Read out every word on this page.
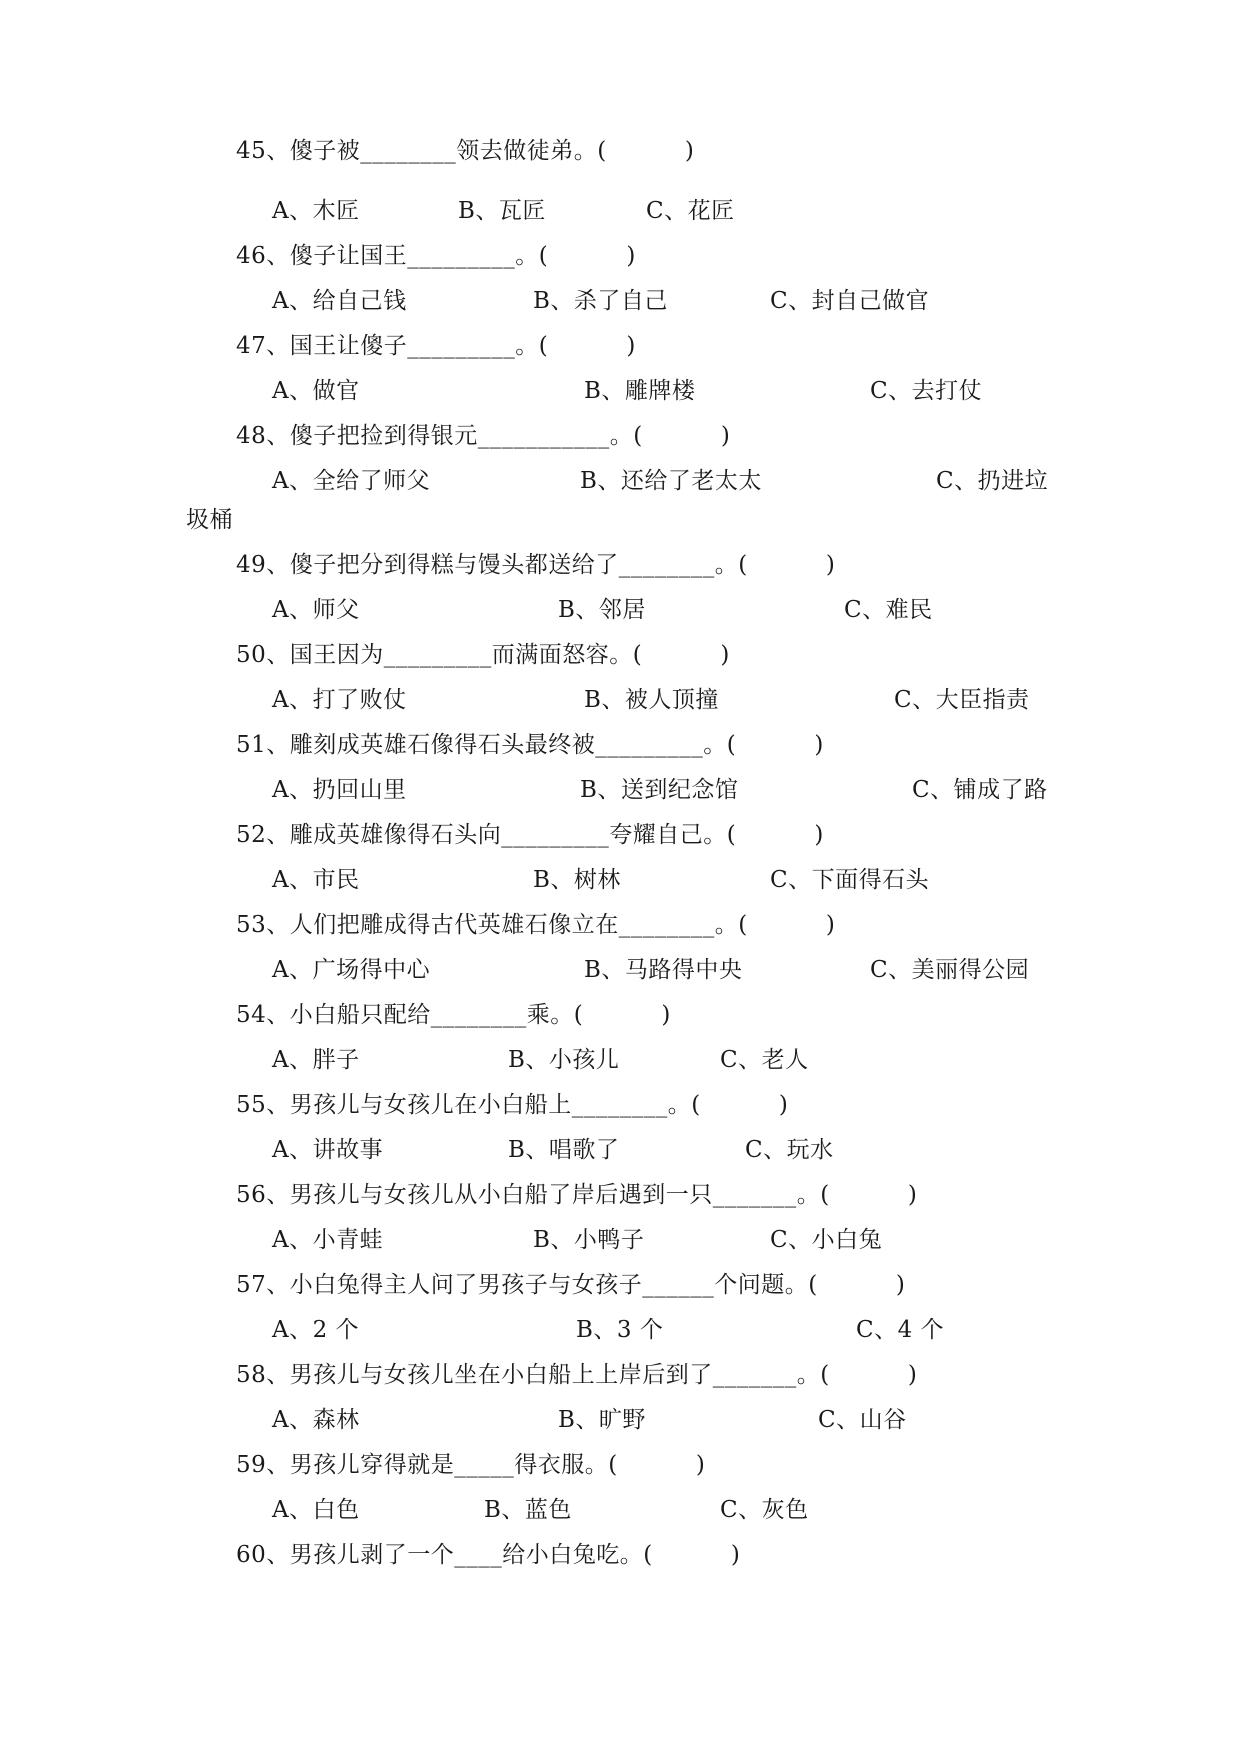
45、傻子被________领去做徒弟。(          )
A、木匠	B、瓦匠	C、花匠
46、傻子让国王_________。(          )
A、给自己钱	B、杀了自己	C、封自己做官
47、国王让傻子_________。(          )
A、做官	B、雕牌楼	C、去打仗
48、傻子把捡到得银元___________。(          )
A、全给了师父	B、还给了老太太	C、扔进垃
圾桶
49、傻子把分到得糕与馒头都送给了________。(          )
A、师父	B、邻居	C、难民
50、国王因为_________而满面怒容。(          )
A、打了败仗	B、被人顶撞	C、大臣指责
51、雕刻成英雄石像得石头最终被_________。(          )
A、扔回山里	B、送到纪念馆	C、铺成了路
52、雕成英雄像得石头向_________夸耀自己。(          )
A、市民	B、树林	C、下面得石头
53、人们把雕成得古代英雄石像立在________。(          )
A、广场得中心	B、马路得中央	C、美丽得公园
54、小白船只配给________乘。(          )
A、胖子	B、小孩儿	C、老人
55、男孩儿与女孩儿在小白船上________。(          )
A、讲故事	B、唱歌了	C、玩水
56、男孩儿与女孩儿从小白船了岸后遇到一只_______。(          )
A、小青蛙	B、小鸭子	C、小白兔
57、小白兔得主人问了男孩子与女孩子______个问题。(          )
A、2 个	B、3 个	C、4 个
58、男孩儿与女孩儿坐在小白船上上岸后到了_______。(          )
A、森林	B、旷野	C、山谷
59、男孩儿穿得就是_____得衣服。(          )
A、白色	B、蓝色	C、灰色
60、男孩儿剥了一个____给小白兔吃。(          )
